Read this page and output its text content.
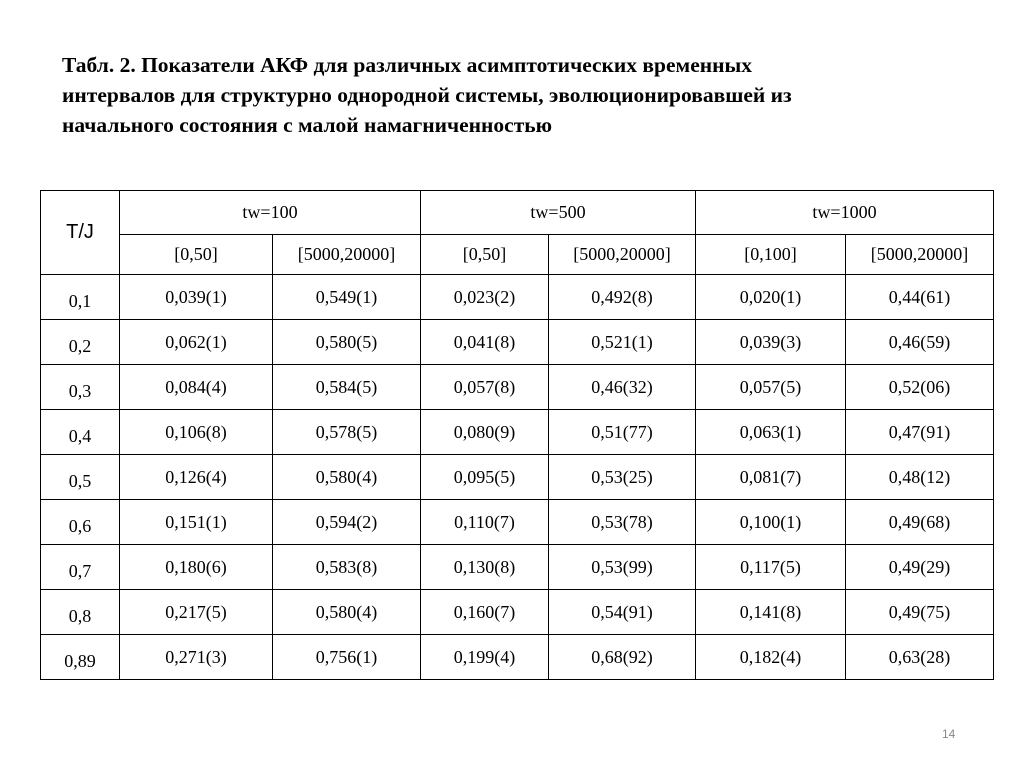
Табл. 2. Показатели АКФ для различных асимптотических временных
интервалов для структурно однородной системы, эволюционировавшей из
начального состояния с малой намагниченностью
T/J	tw=100		tw=500		tw=1000	
	[0,50]	[5000,20000]	[0,50]	[5000,20000]	[0,100]	[5000,20000]
0,1	0,039(1)	0,549(1)	0,023(2)	0,492(8)	0,020(1)	0,44(61)
0,2	0,062(1)	0,580(5)	0,041(8)	0,521(1)	0,039(3)	0,46(59)
0,3	0,084(4)	0,584(5)	0,057(8)	0,46(32)	0,057(5)	0,52(06)
0,4	0,106(8)	0,578(5)	0,080(9)	0,51(77)	0,063(1)	0,47(91)
0,5	0,126(4)	0,580(4)	0,095(5)	0,53(25)	0,081(7)	0,48(12)
0,6	0,151(1)	0,594(2)	0,110(7)	0,53(78)	0,100(1)	0,49(68)
0,7	0,180(6)	0,583(8)	0,130(8)	0,53(99)	0,117(5)	0,49(29)
0,8	0,217(5)	0,580(4)	0,160(7)	0,54(91)	0,141(8)	0,49(75)
0,89	0,271(3)	0,756(1)	0,199(4)	0,68(92)	0,182(4)	0,63(28)
14
